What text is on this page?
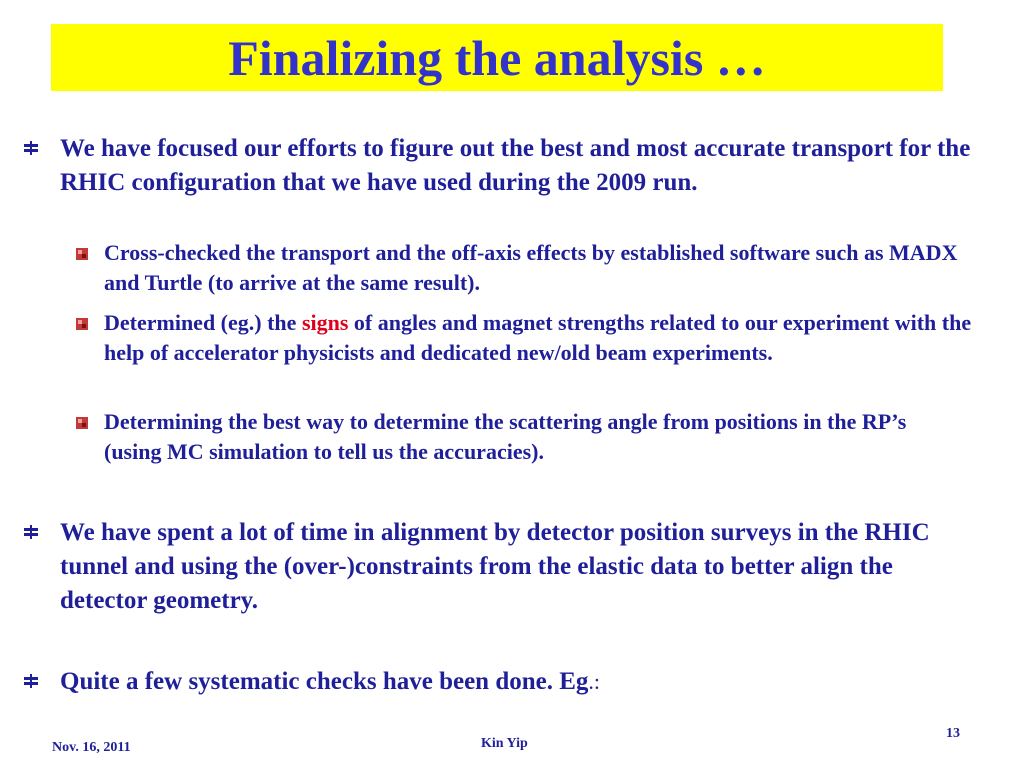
Finalizing the analysis …
We have focused our efforts to figure out the best and most accurate transport for the RHIC configuration that we have used during the 2009 run.
Cross-checked the transport and the off-axis effects by established software such as MADX and Turtle (to arrive at the same result).
Determined (eg.) the signs of angles and magnet strengths related to our experiment with the help of accelerator physicists and dedicated new/old beam experiments.
Determining the best way to determine the scattering angle from positions in the RP’s (using MC simulation to tell us the accuracies).
We have spent a lot of time in alignment by detector position surveys in the RHIC tunnel and using the (over-)constraints from the elastic data to better align the detector geometry.
Quite a few systematic checks have been done. Eg.:
Nov. 16, 2011	Kin Yip
13
